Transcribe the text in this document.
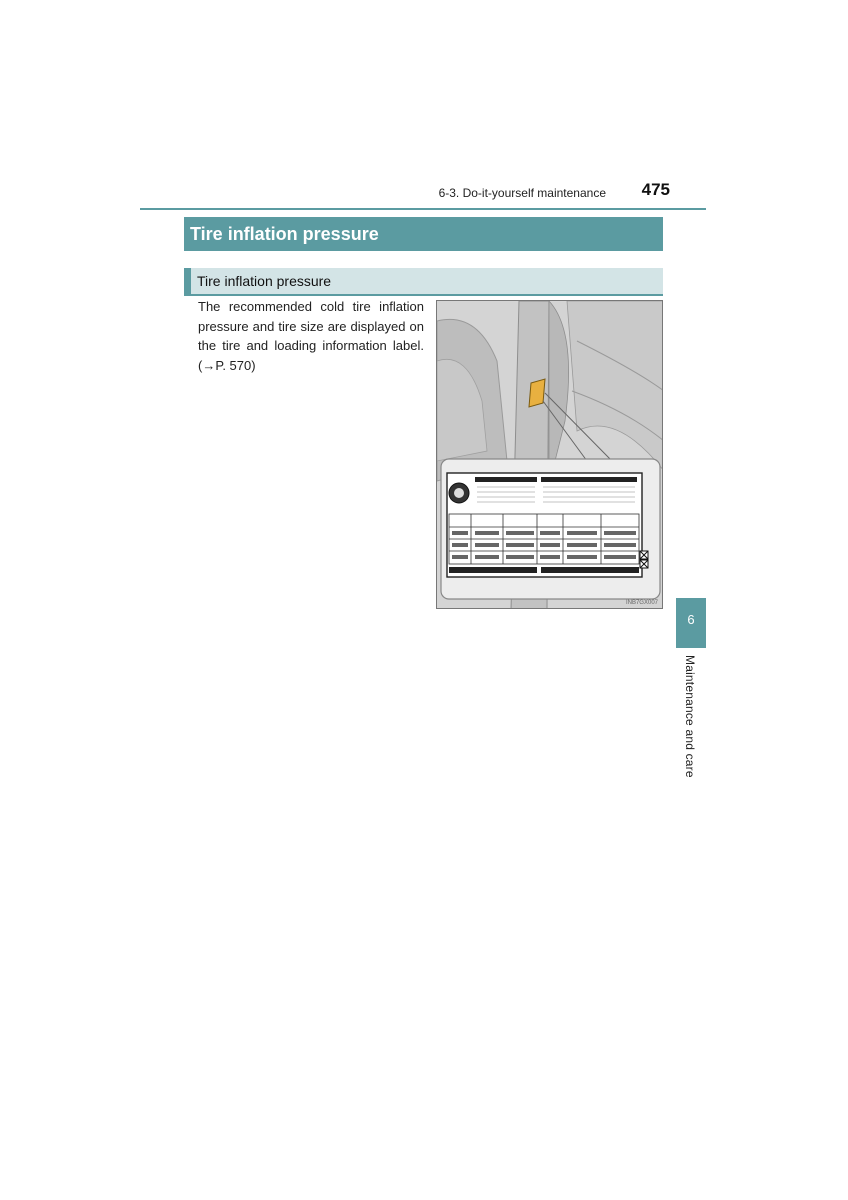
6-3. Do-it-yourself maintenance 475
Tire inflation pressure
Tire inflation pressure
The recommended cold tire inflation pressure and tire size are displayed on the tire and loading information label. (→P. 570)
INB7GX007
6
Maintenance and care
